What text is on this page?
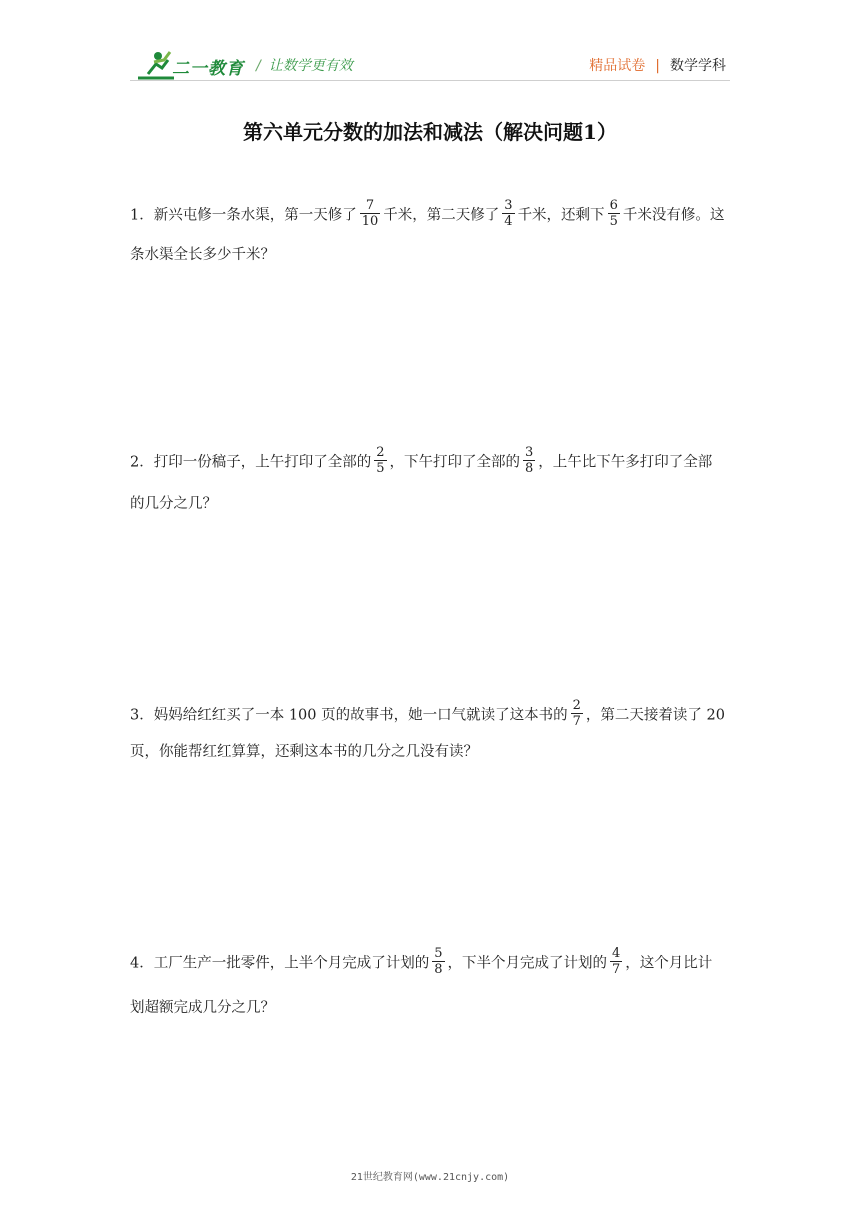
二一教育 / 让数学更有效	精品试卷 | 数学学科
第六单元分数的加法和减法（解决问题1）
1．新兴屯修一条水渠，第一天修了 $\frac{7}{10}$ 千米，第二天修了 $\frac{3}{4}$ 千米，还剩下 $\frac{6}{5}$ 千米没有修。这
条水渠全长多少千米？
2．打印一份稿子，上午打印了全部的 $\frac{2}{5}$ ，下午打印了全部的 $\frac{3}{8}$ ，上午比下午多打印了全部
的几分之几？
3．妈妈给红红买了一本 100 页的故事书，她一口气就读了这本书的 $\frac{2}{7}$ ，第二天接着读了 20
页，你能帮红红算算，还剩这本书的几分之几没有读？
4．工厂生产一批零件，上半个月完成了计划的 $\frac{5}{8}$ ，下半个月完成了计划的 $\frac{4}{7}$ ，这个月比计
划超额完成几分之几？
21世纪教育网(www.21cnjy.com)
